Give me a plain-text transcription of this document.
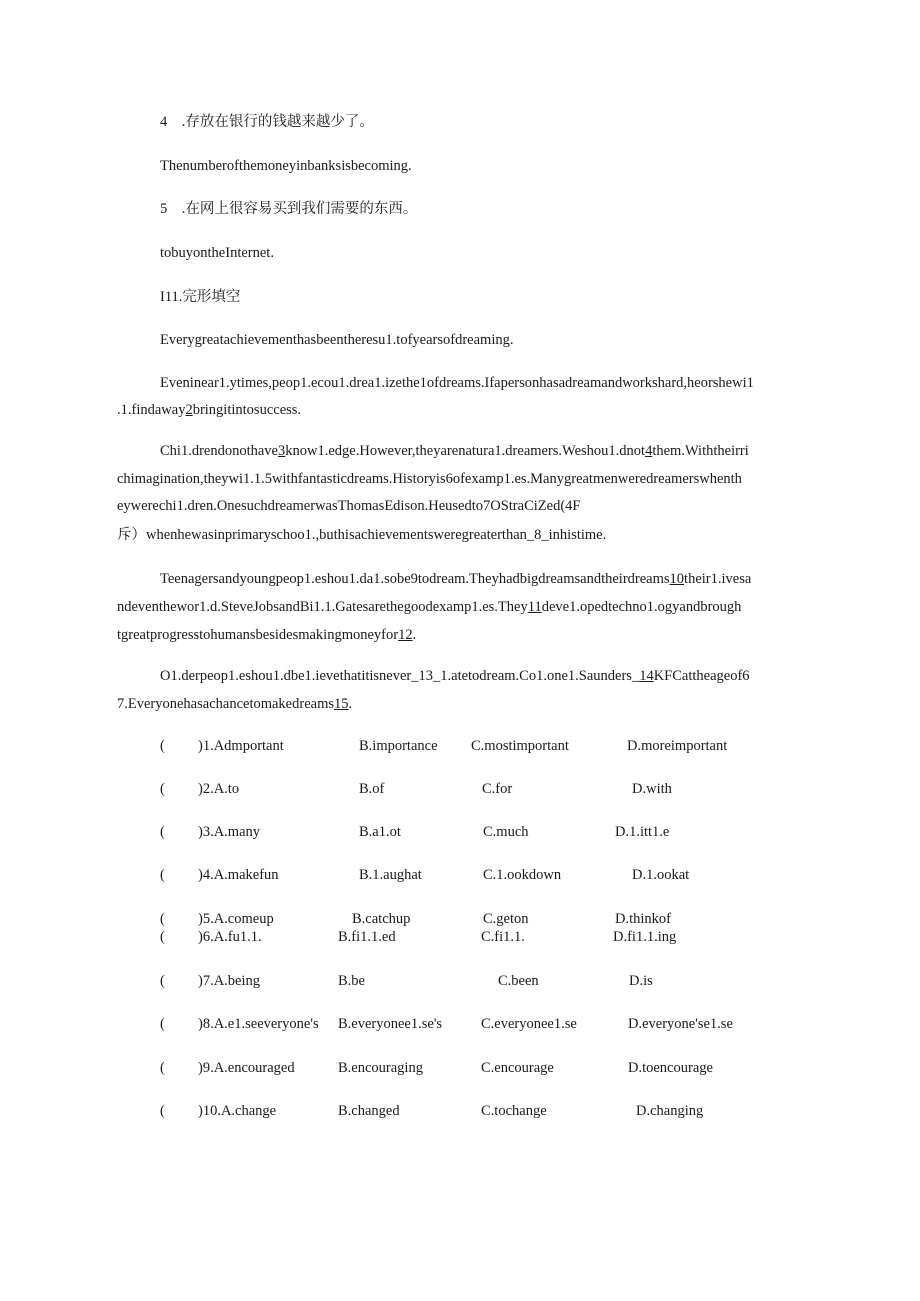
4　.存放在银行的钱越来越少了。
Thenumberofthemoneyinbanksisbecoming.
5　.在网上很容易买到我们需要的东西。
tobuyontheInternet.
I11.完形填空
Everygreatachievementhasbeentheresu1.tofyearsofdreaming.
Eveninear1.ytimes,peop1.ecou1.drea1.izethe1ofdreams.Ifapersonhasadreamandworkshard,heorshewi1
.1.findaway2bringitintosuccess.
Chi1.drendonothave3know1.edge.However,theyarenatura1.dreamers.Weshou1.dnot4them.Withtheirri
chimagination,theywi1.1.5withfantasticdreams.Historyis6ofexamp1.es.Manygreatmenweredreamerswhenth
eywerechi1.dren.OnesuchdreamerwasThomasEdison.Heusedto7OStraCiZed(4F
斥）whenhewasinprimaryschoo1.,buthisachievementsweregreaterthan_8_inhistime.
Teenagersandyoungpeop1.eshou1.da1.sobe9todream.Theyhadbigdreamsandtheirdreams10their1.ivesa
ndeventhewor1.d.SteveJobsandBi1.1.Gatesarethegoodexamp1.es.They11deve1.opedtechno1.ogyandbrough
tgreatprogresstohumansbesidesmakingmoneyfor12.
O1.derpeop1.eshou1.dbe1.ievethatitisnever_13_1.atetodream.Co1.one1.Saunders_14KFCattheageof6
7.Everyonehasachancetomakedreams15.
( )1.Admportant	B.importance C.mostimportant	D.moreimportant
( )2.A.to	B.of	C.for	D.with
( )3.A.many	B.a1.ot	C.much	D.1.itt1.e
( )4.A.makefun	B.1.aughat	C.1.ookdown	D.1.ookat
( )5.A.comeup	B.catchup	C.geton	D.thinkof
( )6.A.fu1.1.	B.fi1.1.ed	C.fi1.1.	D.fi1.1.ing
( )7.A.being	B.be	C.been	D.is
( )8.A.e1.seeveryone's B.everyonee1.se's	C.everyonee1.se	D.everyone'se1.se
( )9.A.encouraged	B.encouraging	C.encourage	D.toencourage
( )10.A.change	B.changed	C.tochange	D.changing
